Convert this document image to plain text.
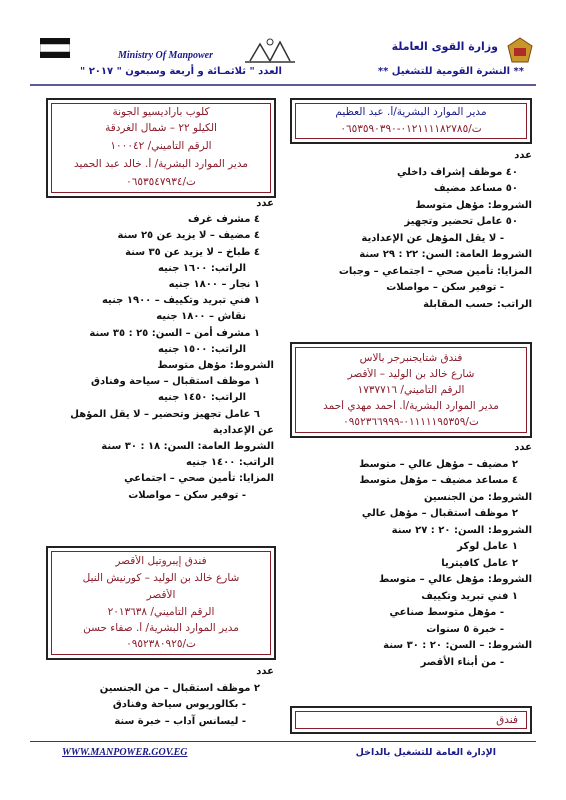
وزارة القوى العاملة
** النشرة القومية للتشغيل **
Ministry Of Manpower
العدد " ثلاثمـائة و أربعة وسبعون " ٢٠١٧ "
مدير الموارد البشرية/أ. عبد العظيم
ت/٠١٢١١١١٨٢٧٨٥-٠٦٥٣٥٩٠٣٩٠
عدد
٤٠ موظف إشراف داخلي
٥٠ مساعد مضيف
الشروط: مؤهل متوسط
٥٠ عامل تحضير وتجهيز
- لا يقل المؤهل عن الإعدادية
الشروط العامة: السن: ٢٢ : ٢٩ سنة
المزايا: تأمين صحي – اجتماعي – وجبات
- توفير سكن – مواصلات
الراتب: حسب المقابلة
فندق شتايجنبرجر بالاس
شارع خالد بن الوليد – الأقصر
الرقم التأميني/ ١٧٣٧٧١٦
مدير الموارد البشرية/أ. أحمد مهدي أحمد
ت/٠١١١١١٩٥٣٥٩-٠٩٥٢٣٦٦٩٩٩
عدد
٢ مضيف – مؤهل عالي – متوسط
٤ مساعد مضيف – مؤهل متوسط
الشروط: من الجنسين
٢ موظف استقبال – مؤهل عالي
الشروط: السن: ٢٠ : ٢٧ سنة
١ عامل لوكر
٢ عامل كافيتريا
الشروط: مؤهل عالي – متوسط
١ فني تبريد وتكييف
- مؤهل متوسط صناعي
- خبرة ٥ سنوات
الشروط: – السن: ٢٠ : ٣٠ سنة
- من أبناء الأقصر
فندق
كلوب باراديسيو الجونة
الكيلو ٢٢ – شمال الغردقة
الرقم التأميني/ ١٠٠٠٤٢
مدير الموارد البشرية/ أ. خالد عبد الحميد
ت/٠٦٥٣٥٤٧٩٣٤
عدد
٤ مشرف غرف
٤ مضيف – لا يزيد عن ٢٥ سنة
٤ طباخ – لا يزيد عن ٣٥ سنة
الراتب: ١٦٠٠ جنيه
١ نجار – ١٨٠٠ جنيه
١ فني تبريد وتكييف – ١٩٠٠ جنيه
نقاش – ١٨٠٠ جنيه
١ مشرف أمن – السن: ٢٥ : ٣٥ سنة
الراتب: ١٥٠٠ جنيه
الشروط: مؤهل متوسط
١ موظف استقبال – سياحة وفنادق
الراتب: ١٤٥٠ جنيه
٦ عامل تجهيز وتحضير – لا يقل المؤهل
عن الإعدادية
الشروط العامة: السن: ١٨ : ٣٠ سنة
الراتب: ١٤٠٠ جنيه
المزايا: تأمين صحي – اجتماعي
- توفير سكن – مواصلات
فندق إيبروتيل الأقصر
شارع خالد بن الوليد – كورنيش النيل
الأقصر
الرقم التأميني/ ٢٠١٣٦٣٨
مدير الموارد البشرية/ أ. صفاء حسن
ت/٠٩٥٢٣٨٠٩٢٥
عدد
٢ موظف استقبال – من الجنسين
- بكالوريوس سياحة وفنادق
- ليسانس آداب – خبرة سنة
WWW.MANPOWER.GOV.EG	الإدارة العامة للتشغيل بالداخل
